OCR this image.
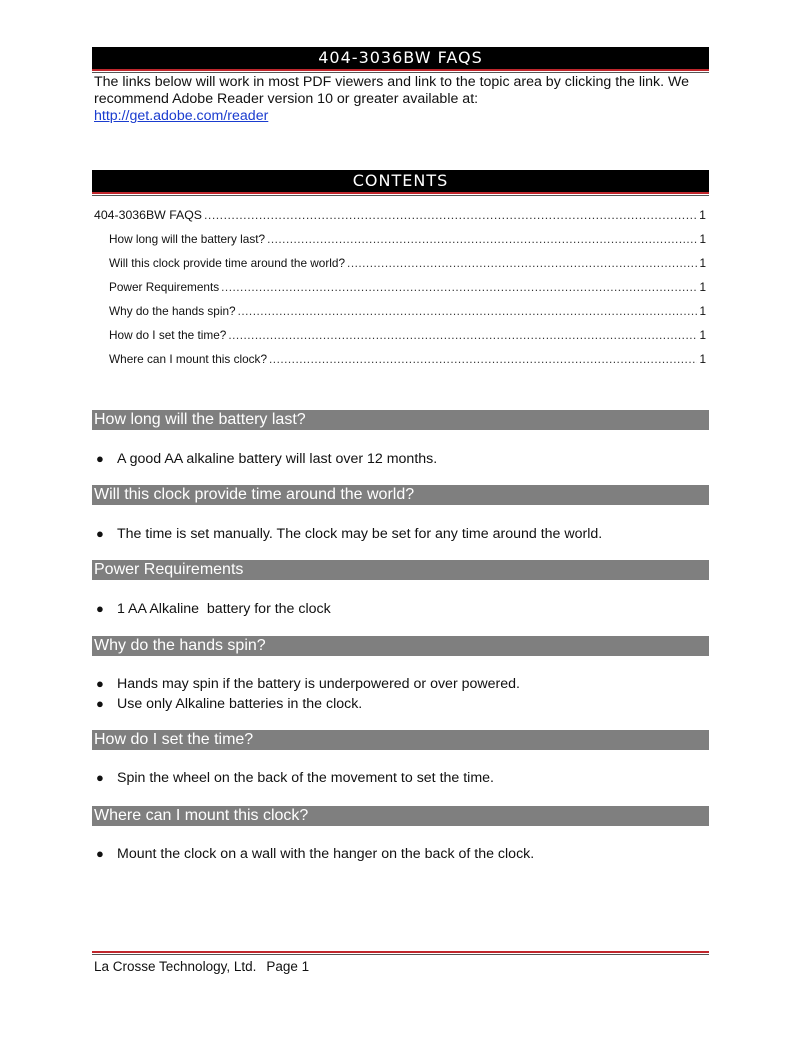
404-3036BW FAQS
The links below will work in most PDF viewers and link to the topic area by clicking the link. We recommend Adobe Reader version 10 or greater available at:
http://get.adobe.com/reader
CONTENTS
404-3036BW FAQS .....	1
How long will the battery last? .....	1
Will this clock provide time around the world? .....	1
Power Requirements .....	1
Why do the hands spin? .....	1
How do I set the time? .....	1
Where can I mount this clock? .....	1
How long will the battery last?
● A good AA alkaline battery will last over 12 months.
Will this clock provide time around the world?
● The time is set manually. The clock may be set for any time around the world.
Power Requirements
● 1 AA Alkaline  battery for the clock
Why do the hands spin?
● Hands may spin if the battery is underpowered or over powered.
● Use only Alkaline batteries in the clock.
How do I set the time?
● Spin the wheel on the back of the movement to set the time.
Where can I mount this clock?
● Mount the clock on a wall with the hanger on the back of the clock.
La Crosse Technology, Ltd. Page 1
